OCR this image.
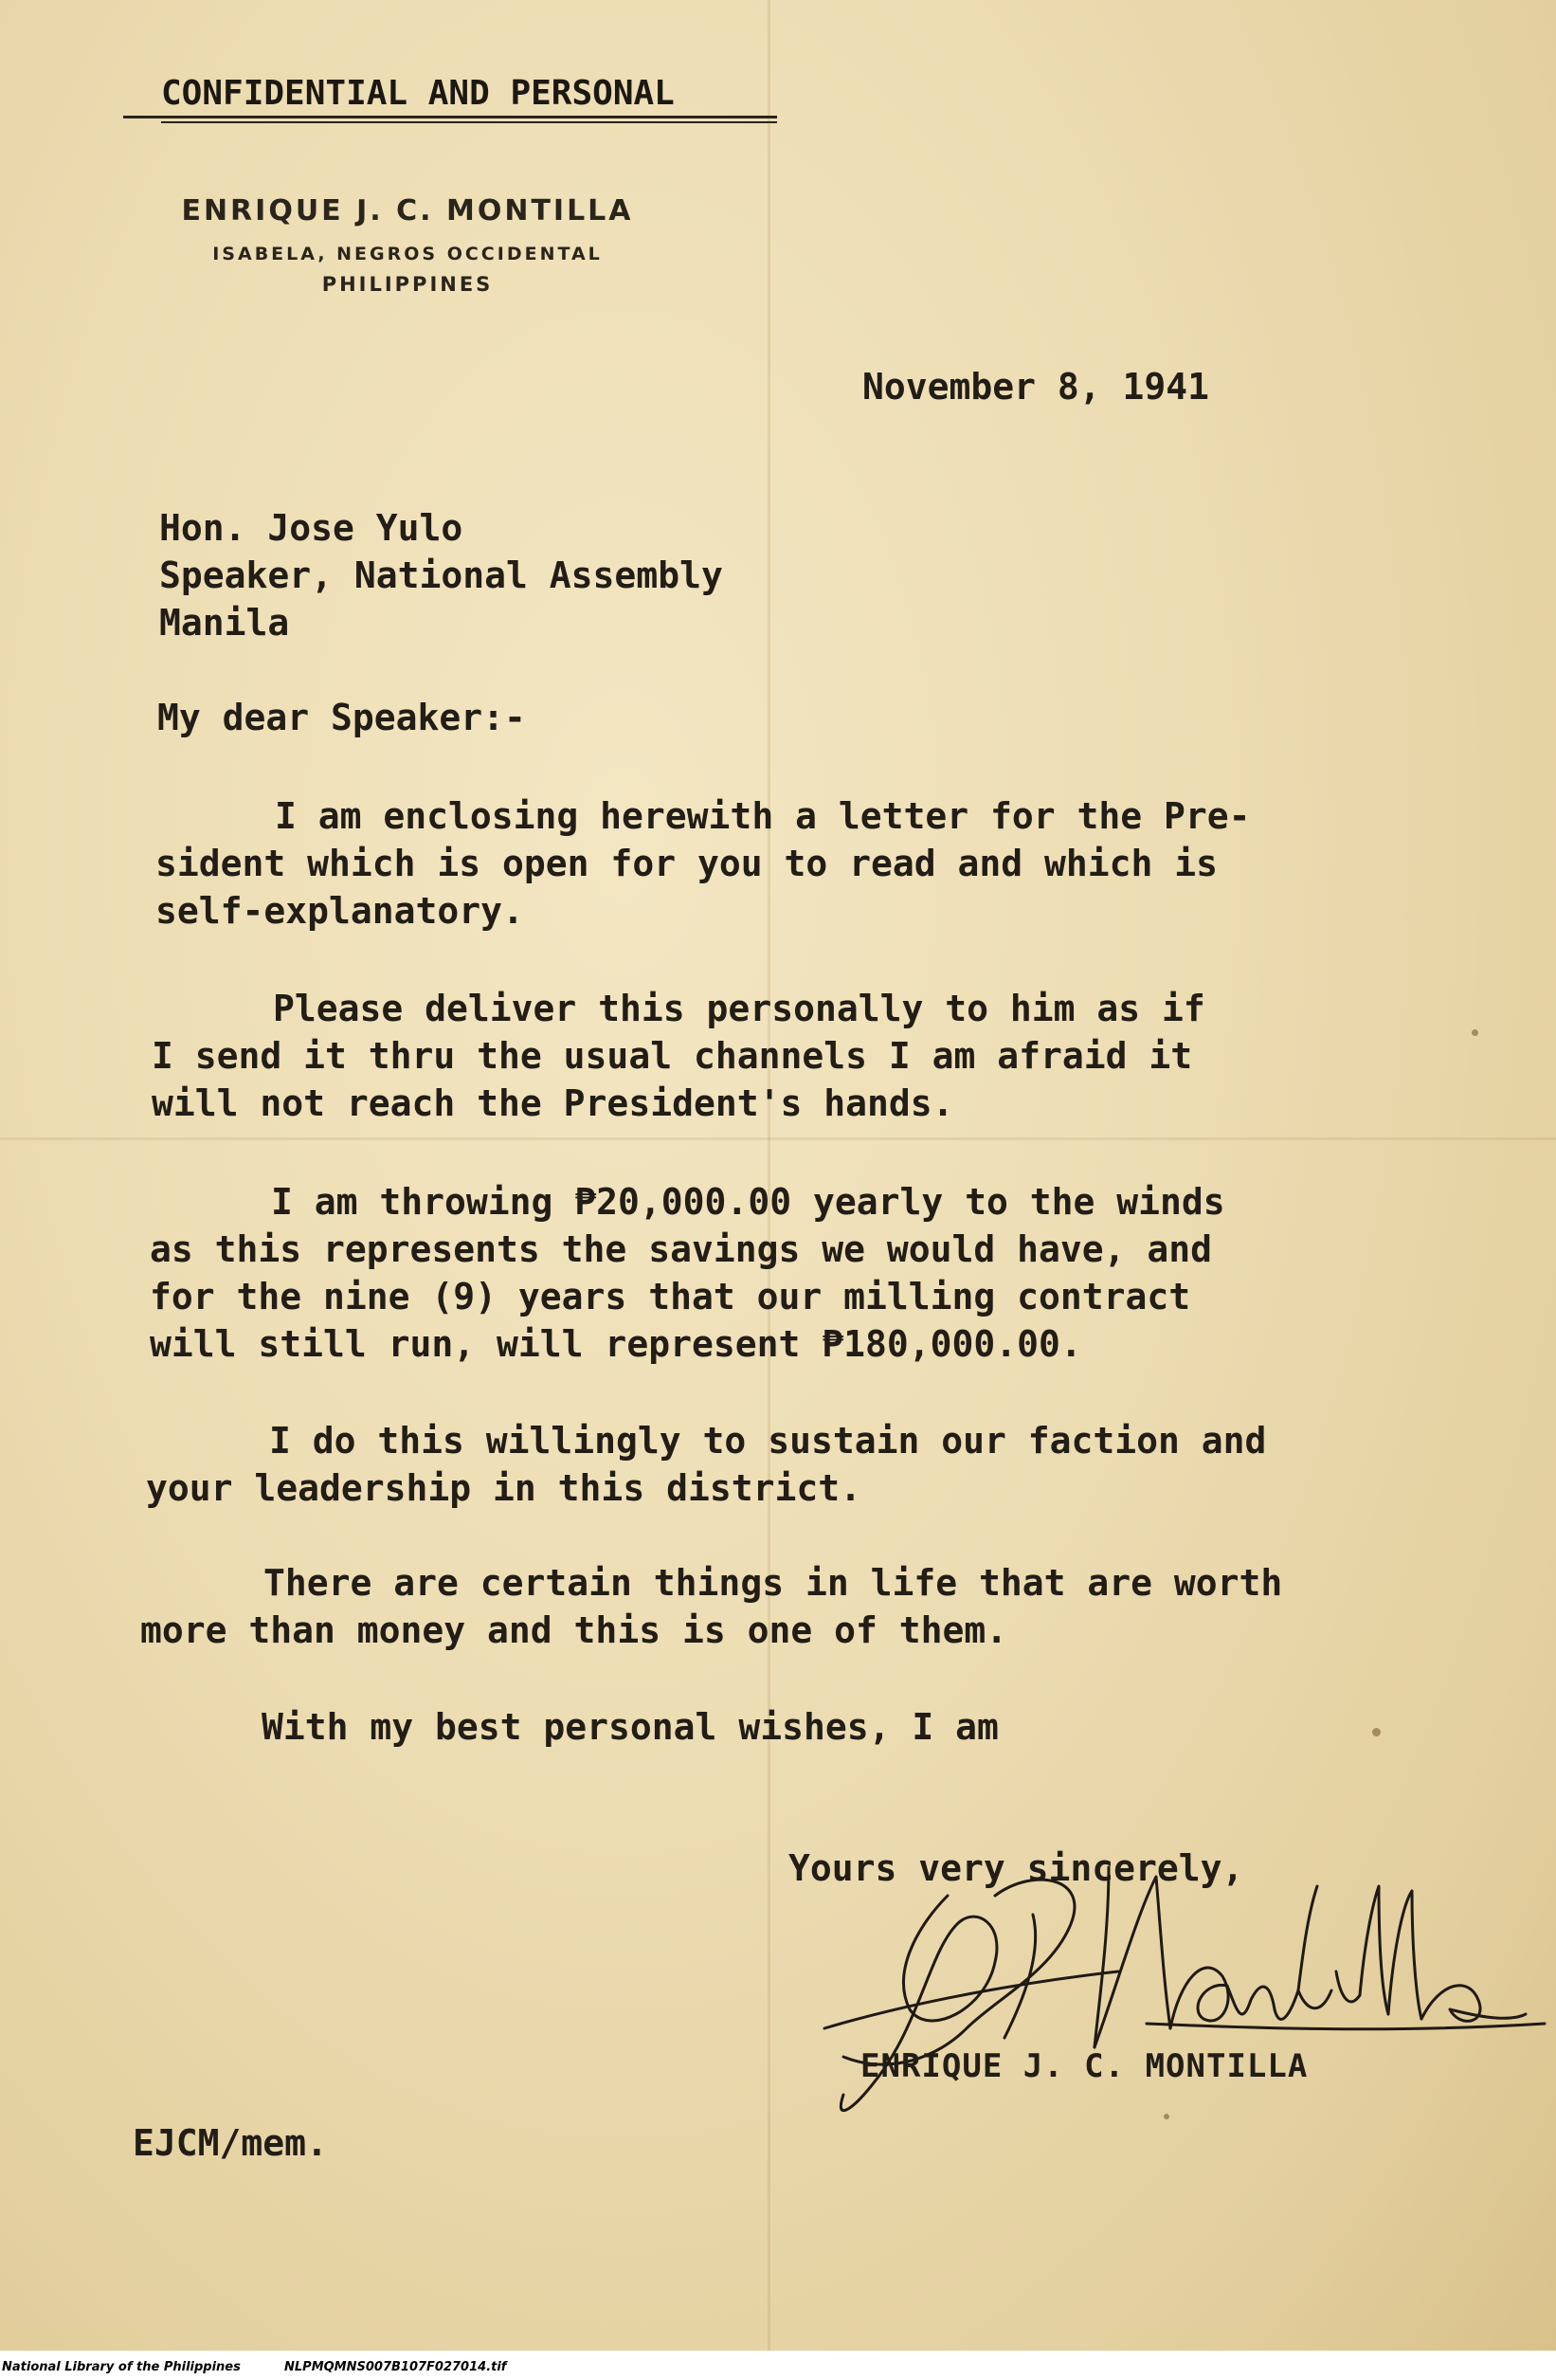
CONFIDENTIAL AND PERSONAL
ENRIQUE J. C. MONTILLA
ISABELA, NEGROS OCCIDENTAL
PHILIPPINES
November 8, 1941
Hon. Jose Yulo
Speaker, National Assembly
Manila
My dear Speaker:-
I am enclosing herewith a letter for the Pre-
sident which is open for you to read and which is
self-explanatory.
Please deliver this personally to him as if
I send it thru the usual channels I am afraid it
will not reach the President's hands.
I am throwing ₱20,000.00 yearly to the winds
as this represents the savings we would have, and
for the nine (9) years that our milling contract
will still run, will represent ₱180,000.00.
I do this willingly to sustain our faction and
your leadership in this district.
There are certain things in life that are worth
more than money and this is one of them.
With my best personal wishes, I am
Yours very sincerely,
ENRIQUE J. C. MONTILLA
EJCM/mem.
National Library of the Philippines	NLPMQMNS007B107F027014.tif
